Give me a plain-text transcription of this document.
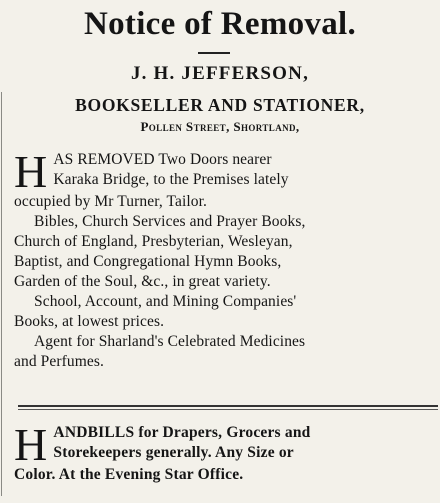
Notice of Removal.
J. H. JEFFERSON,
BOOKSELLER AND STATIONER,
Pollen Street, Shortland,
H AS REMOVED Two Doors nearer
Karaka Bridge, to the Premises lately
occupied by Mr Turner, Tailor.
Bibles, Church Services and Prayer Books,
Church of England, Presbyterian, Wesleyan,
Baptist, and Congregational Hymn Books,
Garden of the Soul, &c., in great variety.
School, Account, and Mining Companies'
Books, at lowest prices.
Agent for Sharland's Celebrated Medicines
and Perfumes.
H ANDBILLS for Drapers, Grocers and
Storekeepers generally. Any Size or
Color. At the Evening Star Office.
